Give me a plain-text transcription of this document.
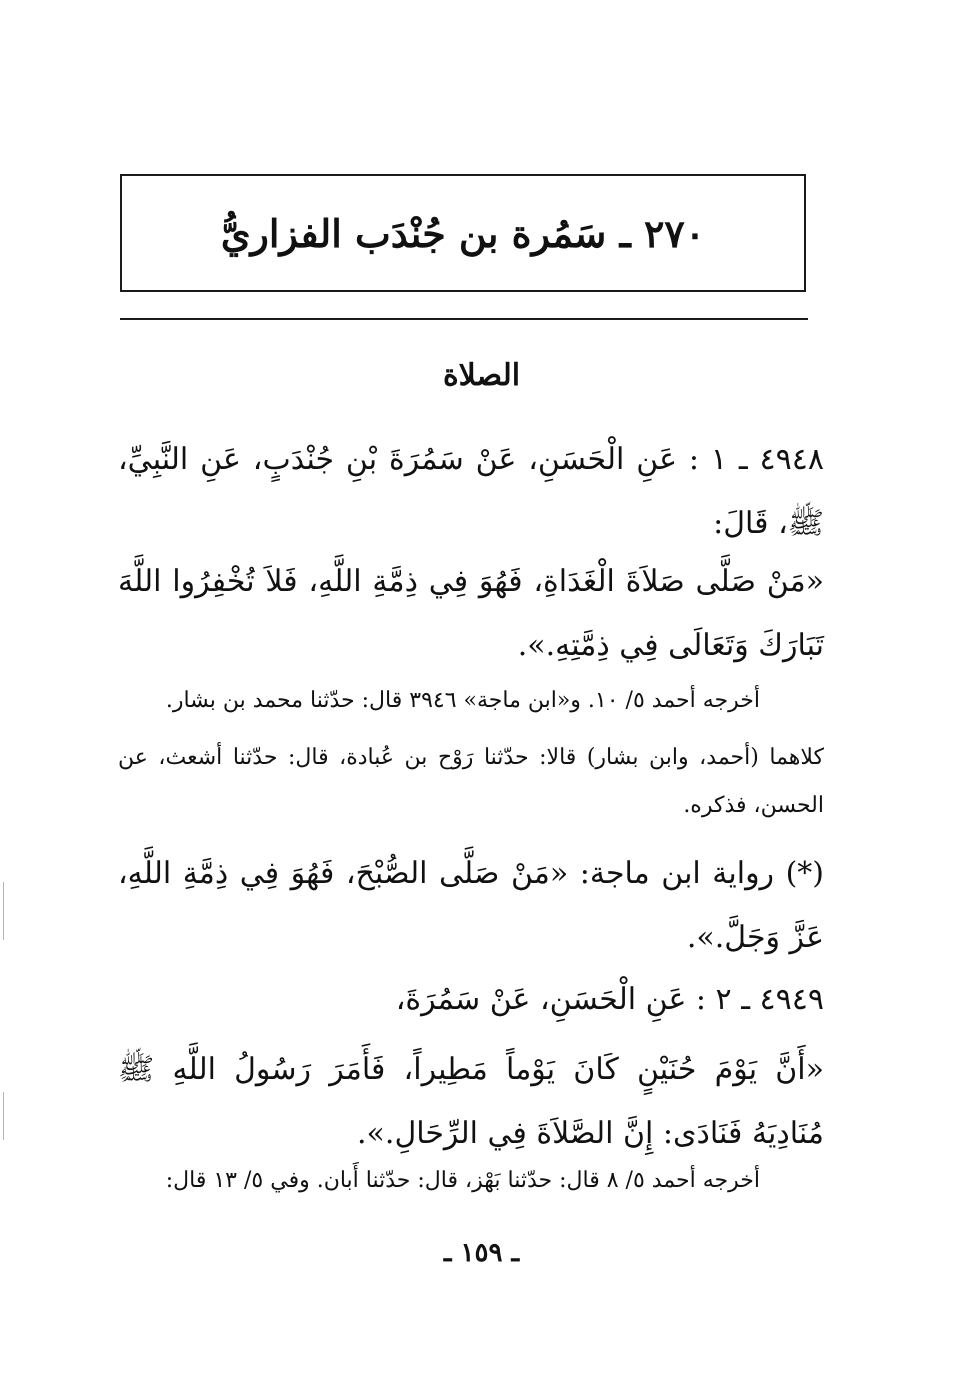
٢٧٠ ـ سَمُرة بن جُنْدَب الفزاريُّ
الصلاة
٤٩٤٨ ـ ١ : عَنِ الْحَسَنِ، عَنْ سَمُرَةَ بْنِ جُنْدَبٍ، عَنِ النَّبِيِّ، ﷺ، قَالَ:
«مَنْ صَلَّى صَلاَةَ الْغَدَاةِ، فَهُوَ فِي ذِمَّةِ اللَّهِ، فَلاَ تُخْفِرُوا اللَّهَ تَبَارَكَ وَتَعَالَى فِي ذِمَّتِهِ.».
أخرجه أحمد ٥/ ١٠. و«ابن ماجة» ٣٩٤٦ قال: حدّثنا محمد بن بشار.
كلاهما (أحمد، وابن بشار) قالا: حدّثنا رَوْح بن عُبادة، قال: حدّثنا أشعث، عن الحسن، فذكره.
(*) رواية ابن ماجة: «مَنْ صَلَّى الصُّبْحَ، فَهُوَ فِي ذِمَّةِ اللَّهِ، عَزَّ وَجَلَّ.».
٤٩٤٩ ـ ٢ : عَنِ الْحَسَنِ، عَنْ سَمُرَةَ،
«أَنَّ يَوْمَ حُنَيْنٍ كَانَ يَوْماً مَطِيراً، فَأَمَرَ رَسُولُ اللَّهِ ﷺ مُنَادِيَهُ فَنَادَى: إِنَّ الصَّلاَةَ فِي الرِّحَالِ.».
أخرجه أحمد ٥/ ٨ قال: حدّثنا بَهْز، قال: حدّثنا أَبان. وفي ٥/ ١٣ قال:
ـ ١٥٩ ـ
